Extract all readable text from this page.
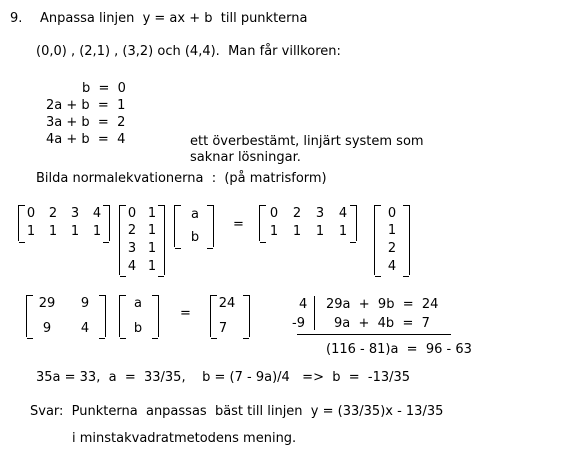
9. Anpassa linjen  y = ax + b  till punkterna
(0,0) , (2,1) , (3,2) och (4,4).  Man får villkoren:
b  =  0
2a + b  =  1
3a + b  =  2
4a + b  =  4	ett överbestämt, linjärt system som
saknar lösningar.
Bilda normalekvationerna  :  (på matrisform)
0 2 3 4
1 1 1 1
0 1
2 1
3 1
4 1
a
b
=
0 2 3 4
1 1 1 1
0
1
2
4
29 9
9	4
a
b
=
24
7
4
-9
29a  +  9b  =  24
9a  +  4b  =  7
(116 - 81)a  =  96 - 63
35a = 33,  a  =  33/35,    b = (7 - 9a)/4   =>  b  =  -13/35
Svar:  Punkterna  anpassas  bäst till linjen  y = (33/35)x - 13/35
i minstakvadratmetodens mening.
